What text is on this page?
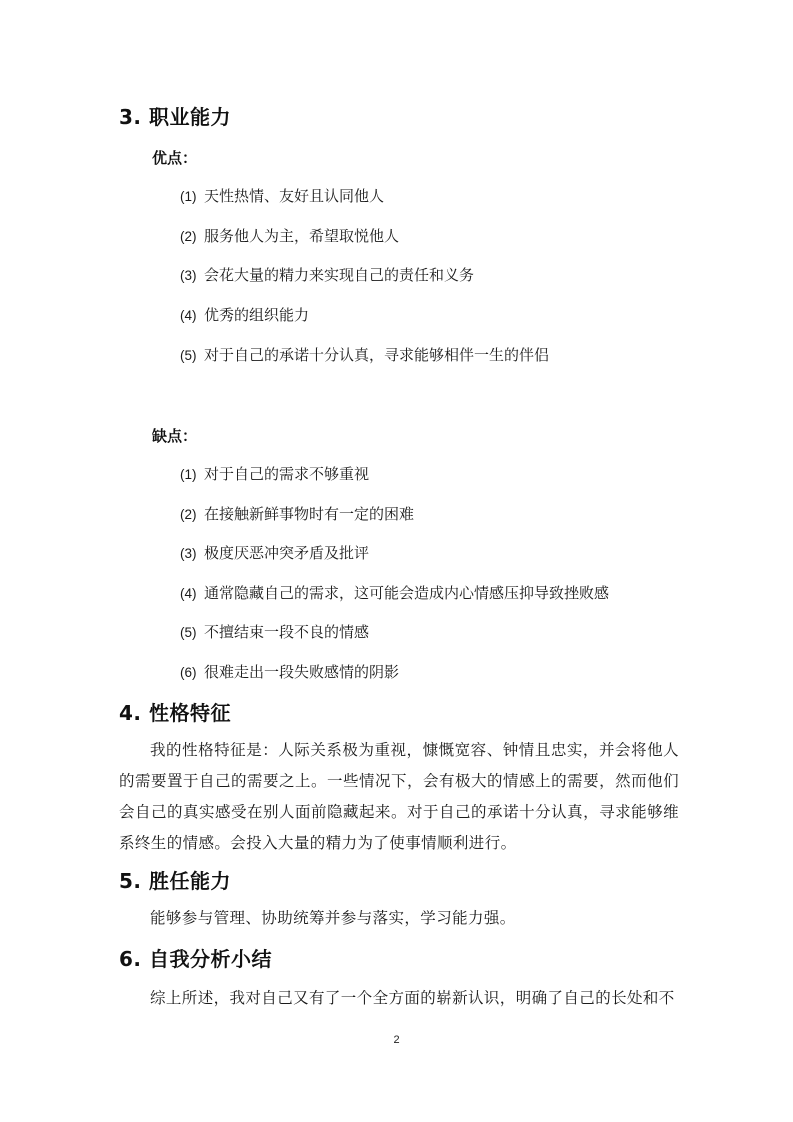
3. 职业能力
优点：
(1) 天性热情、友好且认同他人
(2) 服务他人为主，希望取悦他人
(3) 会花大量的精力来实现自己的责任和义务
(4) 优秀的组织能力
(5) 对于自己的承诺十分认真，寻求能够相伴一生的伴侣
缺点：
(1) 对于自己的需求不够重视
(2) 在接触新鲜事物时有一定的困难
(3) 极度厌恶冲突矛盾及批评
(4) 通常隐藏自己的需求，这可能会造成内心情感压抑导致挫败感
(5) 不擅结束一段不良的情感
(6) 很难走出一段失败感情的阴影
4. 性格特征
我的性格特征是：人际关系极为重视，慷慨宽容、钟情且忠实，并会将他人的需要置于自己的需要之上。一些情况下，会有极大的情感上的需要，然而他们会自己的真实感受在别人面前隐藏起来。对于自己的承诺十分认真，寻求能够维系终生的情感。会投入大量的精力为了使事情顺利进行。
5. 胜任能力
能够参与管理、协助统筹并参与落实，学习能力强。
6. 自我分析小结
综上所述，我对自己又有了一个全方面的崭新认识，明确了自己的长处和不
2
